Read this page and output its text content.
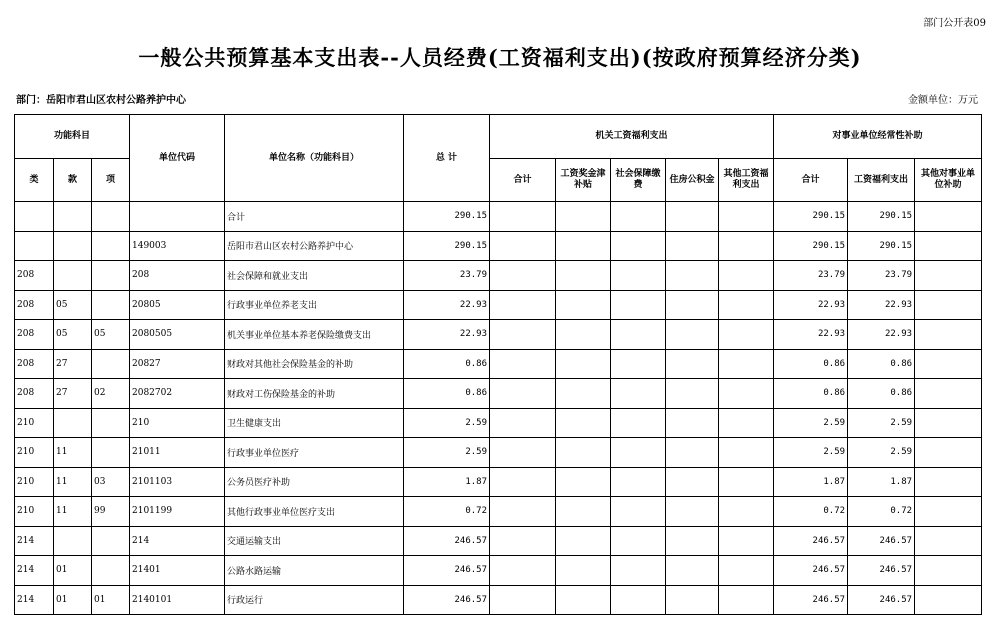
部门公开表09
一般公共预算基本支出表--人员经费(工资福利支出)(按政府预算经济分类)
部门：岳阳市君山区农村公路养护中心	金额单位：万元
功能科目			单位代码	单位名称（功能科目）	总 计	机关工资福利支出					对事业单位经常性补助		
类	款	项				合计	工资奖金津补贴	社会保障缴费	住房公积金	其他工资福利支出	合计	工资福利支出	其他对事业单位补助
				合计	290.15						290.15	290.15	
			149003	岳阳市君山区农村公路养护中心	290.15						290.15	290.15	
208			208	社会保障和就业支出	23.79						23.79	23.79	
208	05		20805	行政事业单位养老支出	22.93						22.93	22.93	
208	05	05	2080505	机关事业单位基本养老保险缴费支出	22.93						22.93	22.93	
208	27		20827	财政对其他社会保险基金的补助	0.86						0.86	0.86	
208	27	02	2082702	财政对工伤保险基金的补助	0.86						0.86	0.86	
210			210	卫生健康支出	2.59						2.59	2.59	
210	11		21011	行政事业单位医疗	2.59						2.59	2.59	
210	11	03	2101103	公务员医疗补助	1.87						1.87	1.87	
210	11	99	2101199	其他行政事业单位医疗支出	0.72						0.72	0.72	
214			214	交通运输支出	246.57						246.57	246.57	
214	01		21401	公路水路运输	246.57						246.57	246.57	
214	01	01	2140101	行政运行	246.57						246.57	246.57	
